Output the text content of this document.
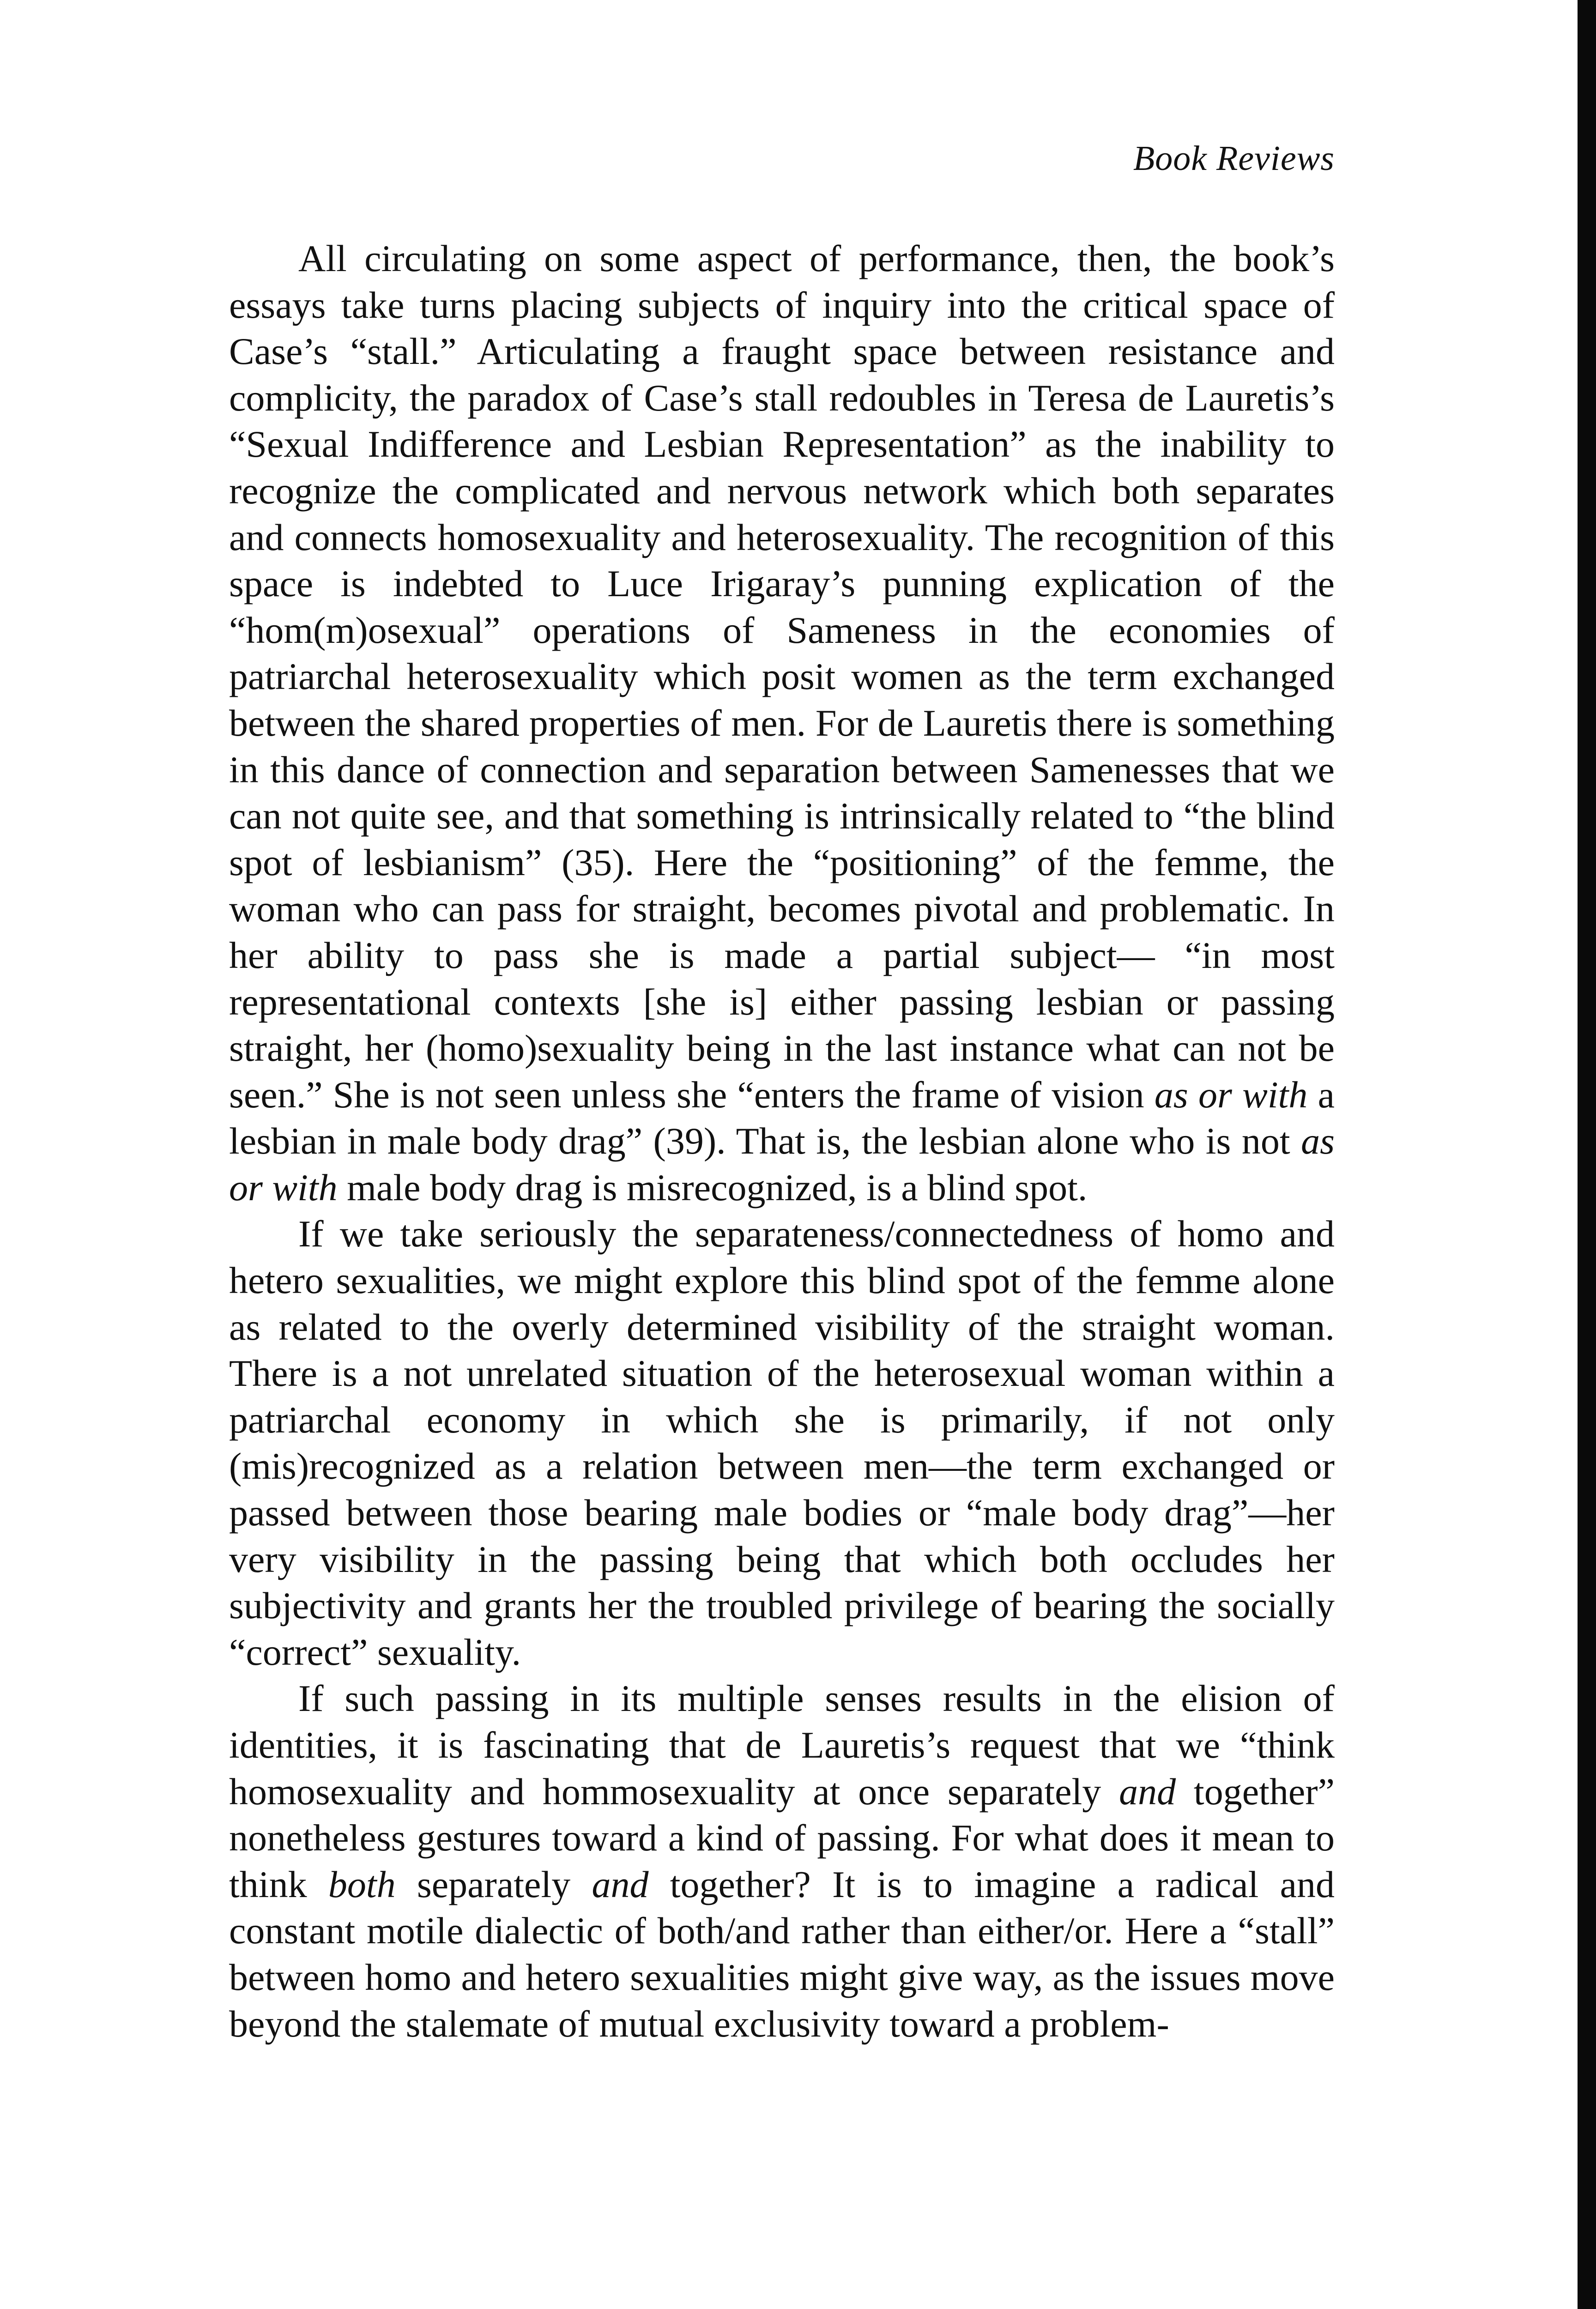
Book Reviews

All circulating on some aspect of performance, then, the book’s essays take turns placing subjects of inquiry into the critical space of Case’s “stall.” Articulating a fraught space between resistance and complicity, the paradox of Case’s stall redoubles in Teresa de Lauretis’s “Sexual Indifference and Lesbian Representation” as the inability to recognize the complicated and nervous network which both separates and connects homosexuality and heterosexuality. The recognition of this space is indebted to Luce Irigaray’s punning explication of the “hom(m)osexual” operations of Sameness in the economies of patriarchal heterosexuality which posit women as the term exchanged between the shared properties of men. For de Lauretis there is something in this dance of connection and separation between Samenesses that we can not quite see, and that something is intrinsically related to “the blind spot of lesbianism” (35). Here the “positioning” of the femme, the woman who can pass for straight, becomes pivotal and problematic. In her ability to pass she is made a partial subject— “in most representational contexts [she is] either passing lesbian or passing straight, her (homo)sexuality being in the last instance what can not be seen.” She is not seen unless she “enters the frame of vision as or with a lesbian in male body drag” (39). That is, the lesbian alone who is not as or with male body drag is misrecognized, is a blind spot.

If we take seriously the separateness/connectedness of homo and hetero sexualities, we might explore this blind spot of the femme alone as related to the overly determined visibility of the straight woman. There is a not unrelated situation of the heterosexual woman within a patriarchal economy in which she is primarily, if not only (mis)recognized as a relation between men—the term exchanged or passed between those bearing male bodies or “male body drag”—her very visibility in the passing being that which both occludes her subjectivity and grants her the troubled privilege of bearing the socially “correct” sexuality.

If such passing in its multiple senses results in the elision of identities, it is fascinating that de Lauretis’s request that we “think homosexuality and hommosexuality at once separately and together” nonetheless gestures toward a kind of passing. For what does it mean to think both separately and together? It is to imagine a radical and constant motile dialectic of both/and rather than either/or. Here a “stall” between homo and hetero sexualities might give way, as the issues move beyond the stalemate of mutual exclusivity toward a problem-
